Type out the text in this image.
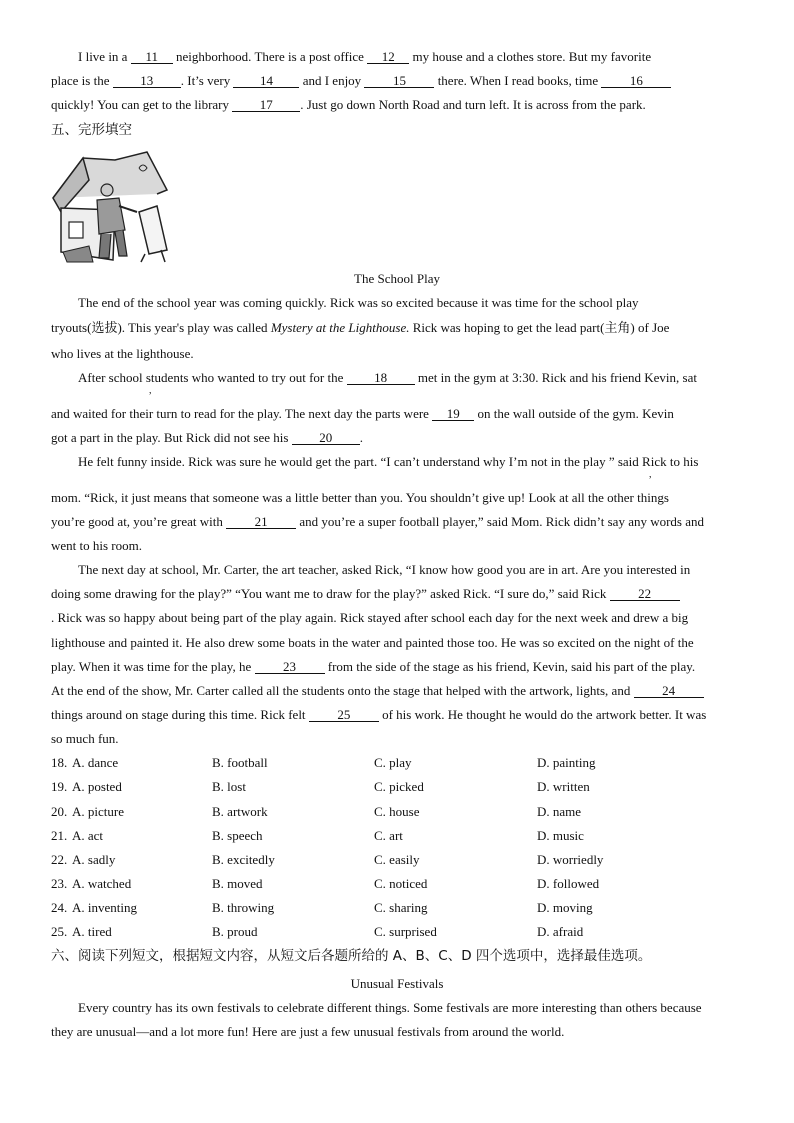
I live in a 11 neighborhood. There is a post office 12 my house and a clothes store. But my favorite
place is the 13 . It’s very 14 and I enjoy 15 there. When I read books, time 16
quickly! You can get to the library 17 . Just go down North Road and turn left. It is across from the park.
五、完形填空
The School Play
The end of the school year was coming quickly. Rick was so excited because it was time for the school play
tryouts(选拔). This year's play was called Mystery at the Lighthouse. Rick was hoping to get the lead part(主角) of Joe
who lives at the lighthouse.
After school students who wanted to try out for the 18 met in the gym at 3:30. Rick and his friend Kevin, sat
,
and waited for their turn to read for the play. The next day the parts were 19 on the wall outside of the gym. Kevin
got a part in the play. But Rick did not see his 20 .
He felt funny inside. Rick was sure he would get the part. “I can’t understand why I’m not in the play ” said Rick to his
,
mom. “Rick, it just means that someone was a little better than you. You shouldn’t give up! Look at all the other things
you’re good at, you’re great with 21 and you’re a super football player,” said Mom. Rick didn’t say any words and
went to his room.
The next day at school, Mr. Carter, the art teacher, asked Rick, “I know how good you are in art. Are you interested in
doing some drawing for the play?” “You want me to draw for the play?” asked Rick. “I sure do,” said Rick 22
. Rick was so happy about being part of the play again. Rick stayed after school each day for the next week and drew a big
lighthouse and painted it. He also drew some boats in the water and painted those too. He was so excited on the night of the
play. When it was time for the play, he 23 from the side of the stage as his friend, Kevin, said his part of the play.
At the end of the show, Mr. Carter called all the students onto the stage that helped with the artwork, lights, and 24
things around on stage during this time. Rick felt 25 of his work. He thought he would do the artwork better. It was
so much fun.
18. A. dance	B. football	C. play	D. painting
19. A. posted	B. lost	C. picked	D. written
20. A. picture	B. artwork	C. house	D. name
21. A. act	B. speech	C. art	D. music
22. A. sadly	B. excitedly	C. easily	D. worriedly
23. A. watched	B. moved	C. noticed	D. followed
24. A. inventing	B. throwing	C. sharing	D. moving
25. A. tired	B. proud	C. surprised	D. afraid
六、阅读下列短文，根据短文内容，从短文后各题所给的 A、B、C、D 四个选项中，选择最佳选项。
Unusual Festivals
Every country has its own festivals to celebrate different things. Some festivals are more interesting than others because
they are unusual—and a lot more fun! Here are just a few unusual festivals from around the world.
